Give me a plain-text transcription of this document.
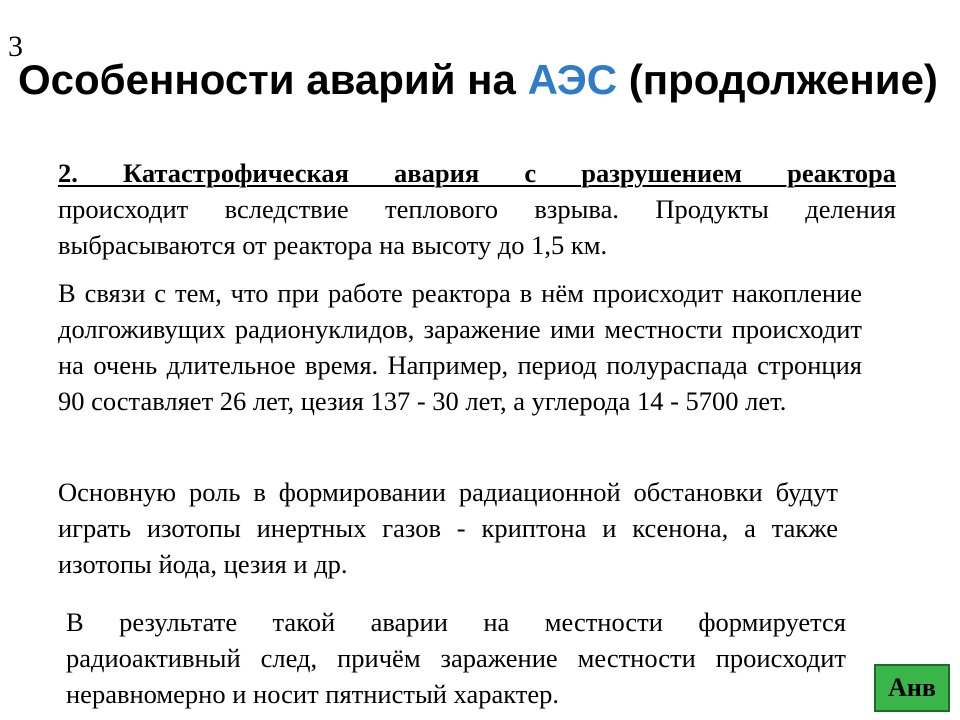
3
Особенности аварий на АЭС (продолжение)
2. Катастрофическая авария с разрушением реактора
происходит вследствие теплового взрыва. Продукты деления выбрасываются от реактора на высоту до 1,5 км.
В связи с тем, что при работе реактора в нём происходит накопление долгоживущих радионуклидов, заражение ими местности происходит на очень длительное время. Например, период полураспада стронция 90 составляет 26 лет, цезия 137 - 30 лет, а углерода 14 - 5700 лет.
Основную роль в формировании радиационной обстановки будут играть изотопы инертных газов - криптона и ксенона, а также изотопы йода, цезия и др.
В результате такой аварии на местности формируется радиоактивный след, причём заражение местности происходит неравномерно и носит пятнистый характер.	Анв
